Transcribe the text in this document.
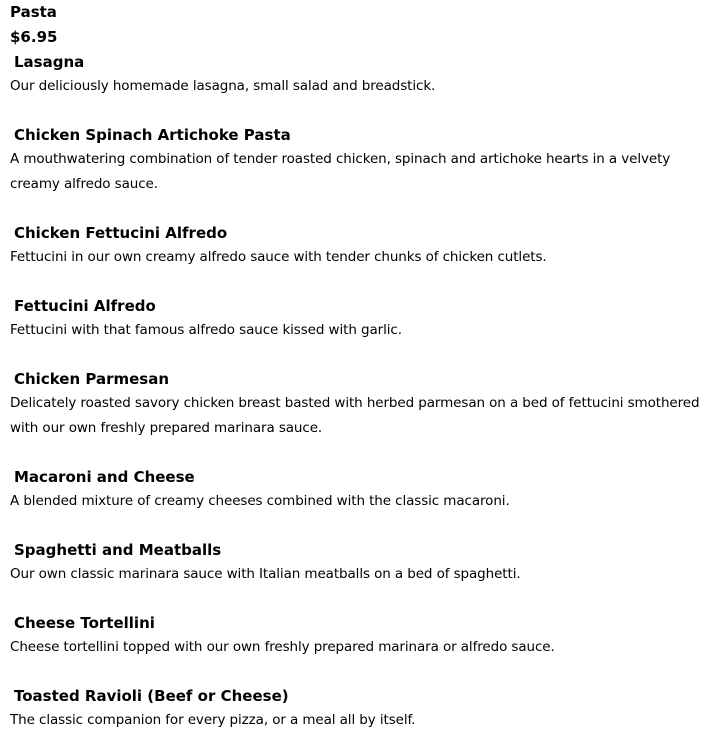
Pasta
$6.95
Lasagna
Our deliciously homemade lasagna, small salad and breadstick.
Chicken Spinach Artichoke Pasta
A mouthwatering combination of tender roasted chicken, spinach and artichoke hearts in a velvety creamy alfredo sauce.
Chicken Fettucini Alfredo
Fettucini in our own creamy alfredo sauce with tender chunks of chicken cutlets.
Fettucini Alfredo
Fettucini with that famous alfredo sauce kissed with garlic.
Chicken Parmesan
Delicately roasted savory chicken breast basted with herbed parmesan on a bed of fettucini smothered with our own freshly prepared marinara sauce.
Macaroni and Cheese
A blended mixture of creamy cheeses combined with the classic macaroni.
Spaghetti and Meatballs
Our own classic marinara sauce with Italian meatballs on a bed of spaghetti.
Cheese Tortellini
Cheese tortellini topped with our own freshly prepared marinara or alfredo sauce.
Toasted Ravioli (Beef or Cheese)
The classic companion for every pizza, or a meal all by itself.
